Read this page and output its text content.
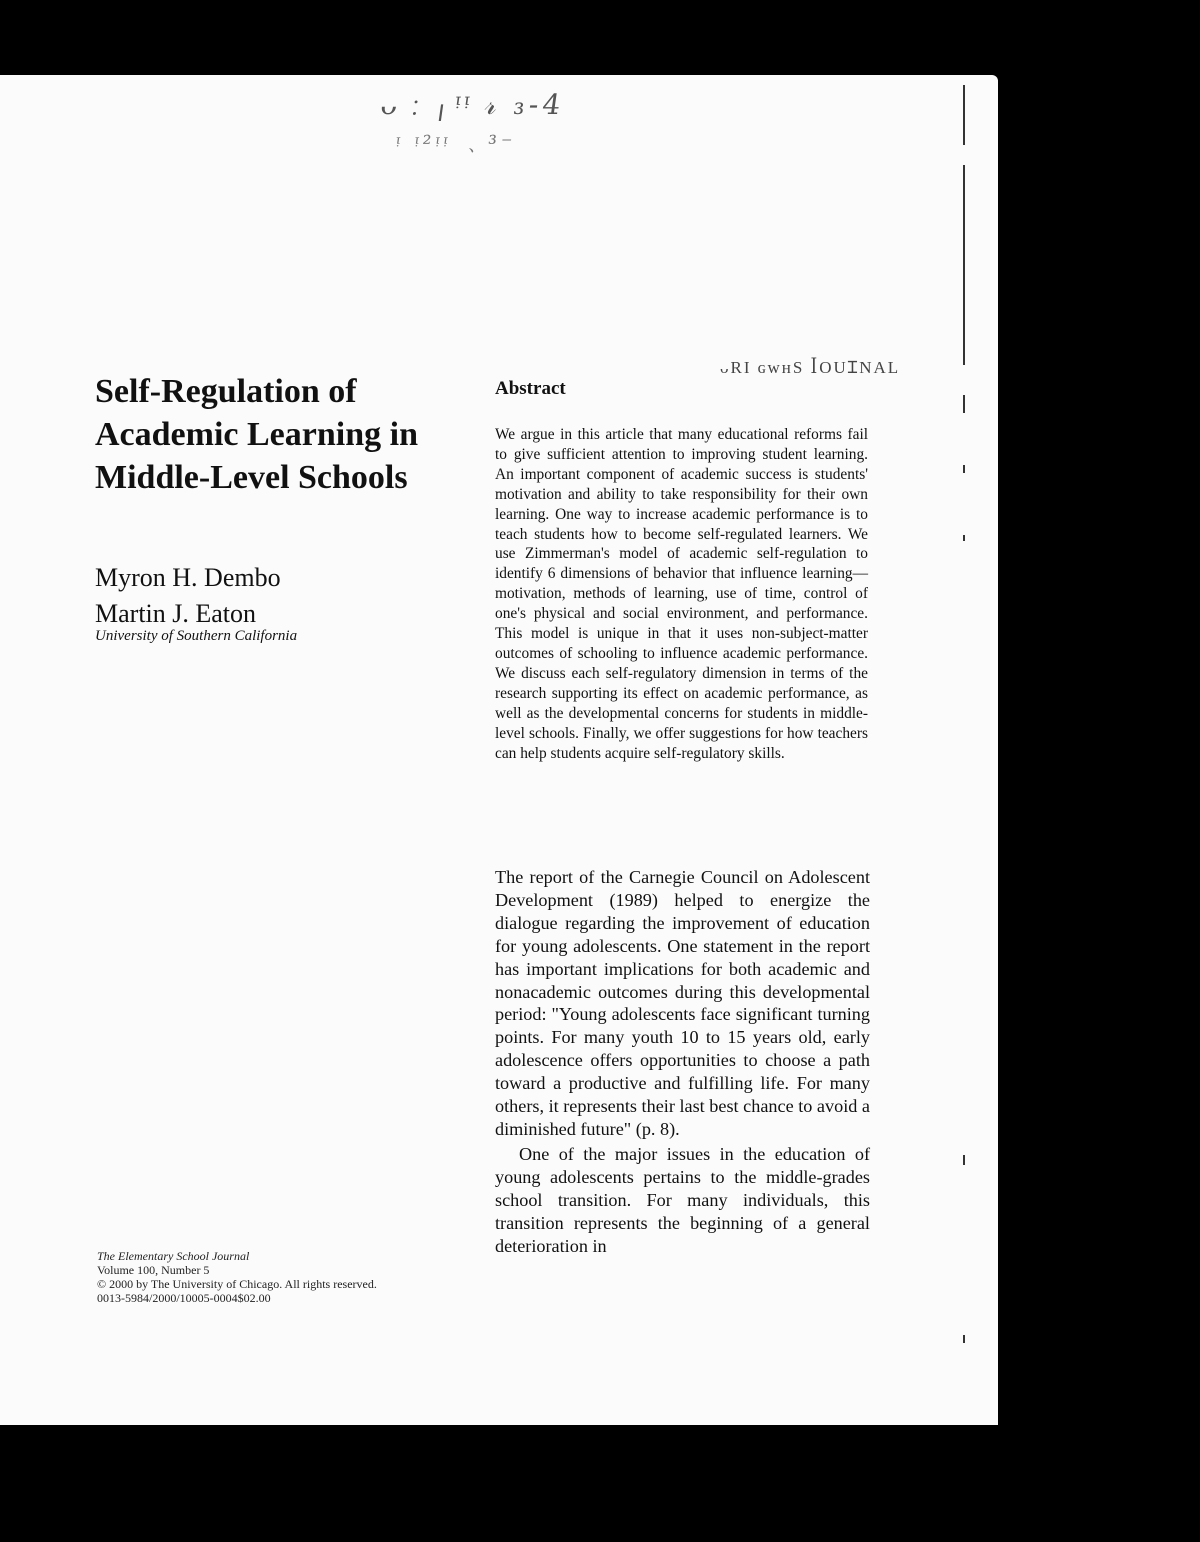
ᴗ﹕╷ᵎᵎ 𝓇 ₃-4
ᵎ ᵎ²ᵎᵎ ﹑³⁻
ᴗRI ɢᴡʜS ꟾOUꞮNAL
Self-Regulation of Academic Learning in Middle-Level Schools
Myron H. Dembo
Martin J. Eaton
University of Southern California
The Elementary School Journal
Volume 100, Number 5
© 2000 by The University of Chicago. All rights reserved.
0013-5984/2000/10005-0004$02.00
Abstract

We argue in this article that many educational reforms fail to give sufficient attention to improving student learning. An important component of academic success is students' motivation and ability to take responsibility for their own learning. One way to increase academic performance is to teach students how to become self-regulated learners. We use Zimmerman's model of academic self-regulation to identify 6 dimensions of behavior that influence learning—motivation, methods of learning, use of time, control of one's physical and social environment, and performance. This model is unique in that it uses non-subject-matter outcomes of schooling to influence academic performance. We discuss each self-regulatory dimension in terms of the research supporting its effect on academic performance, as well as the developmental concerns for students in middle-level schools. Finally, we offer suggestions for how teachers can help students acquire self-regulatory skills.

The report of the Carnegie Council on Adolescent Development (1989) helped to energize the dialogue regarding the improvement of education for young adolescents. One statement in the report has important implications for both academic and nonacademic outcomes during this developmental period: "Young adolescents face significant turning points. For many youth 10 to 15 years old, early adolescence offers opportunities to choose a path toward a productive and fulfilling life. For many others, it represents their last best chance to avoid a diminished future" (p. 8).

One of the major issues in the education of young adolescents pertains to the middle-grades school transition. For many individuals, this transition represents the beginning of a general deterioration in
